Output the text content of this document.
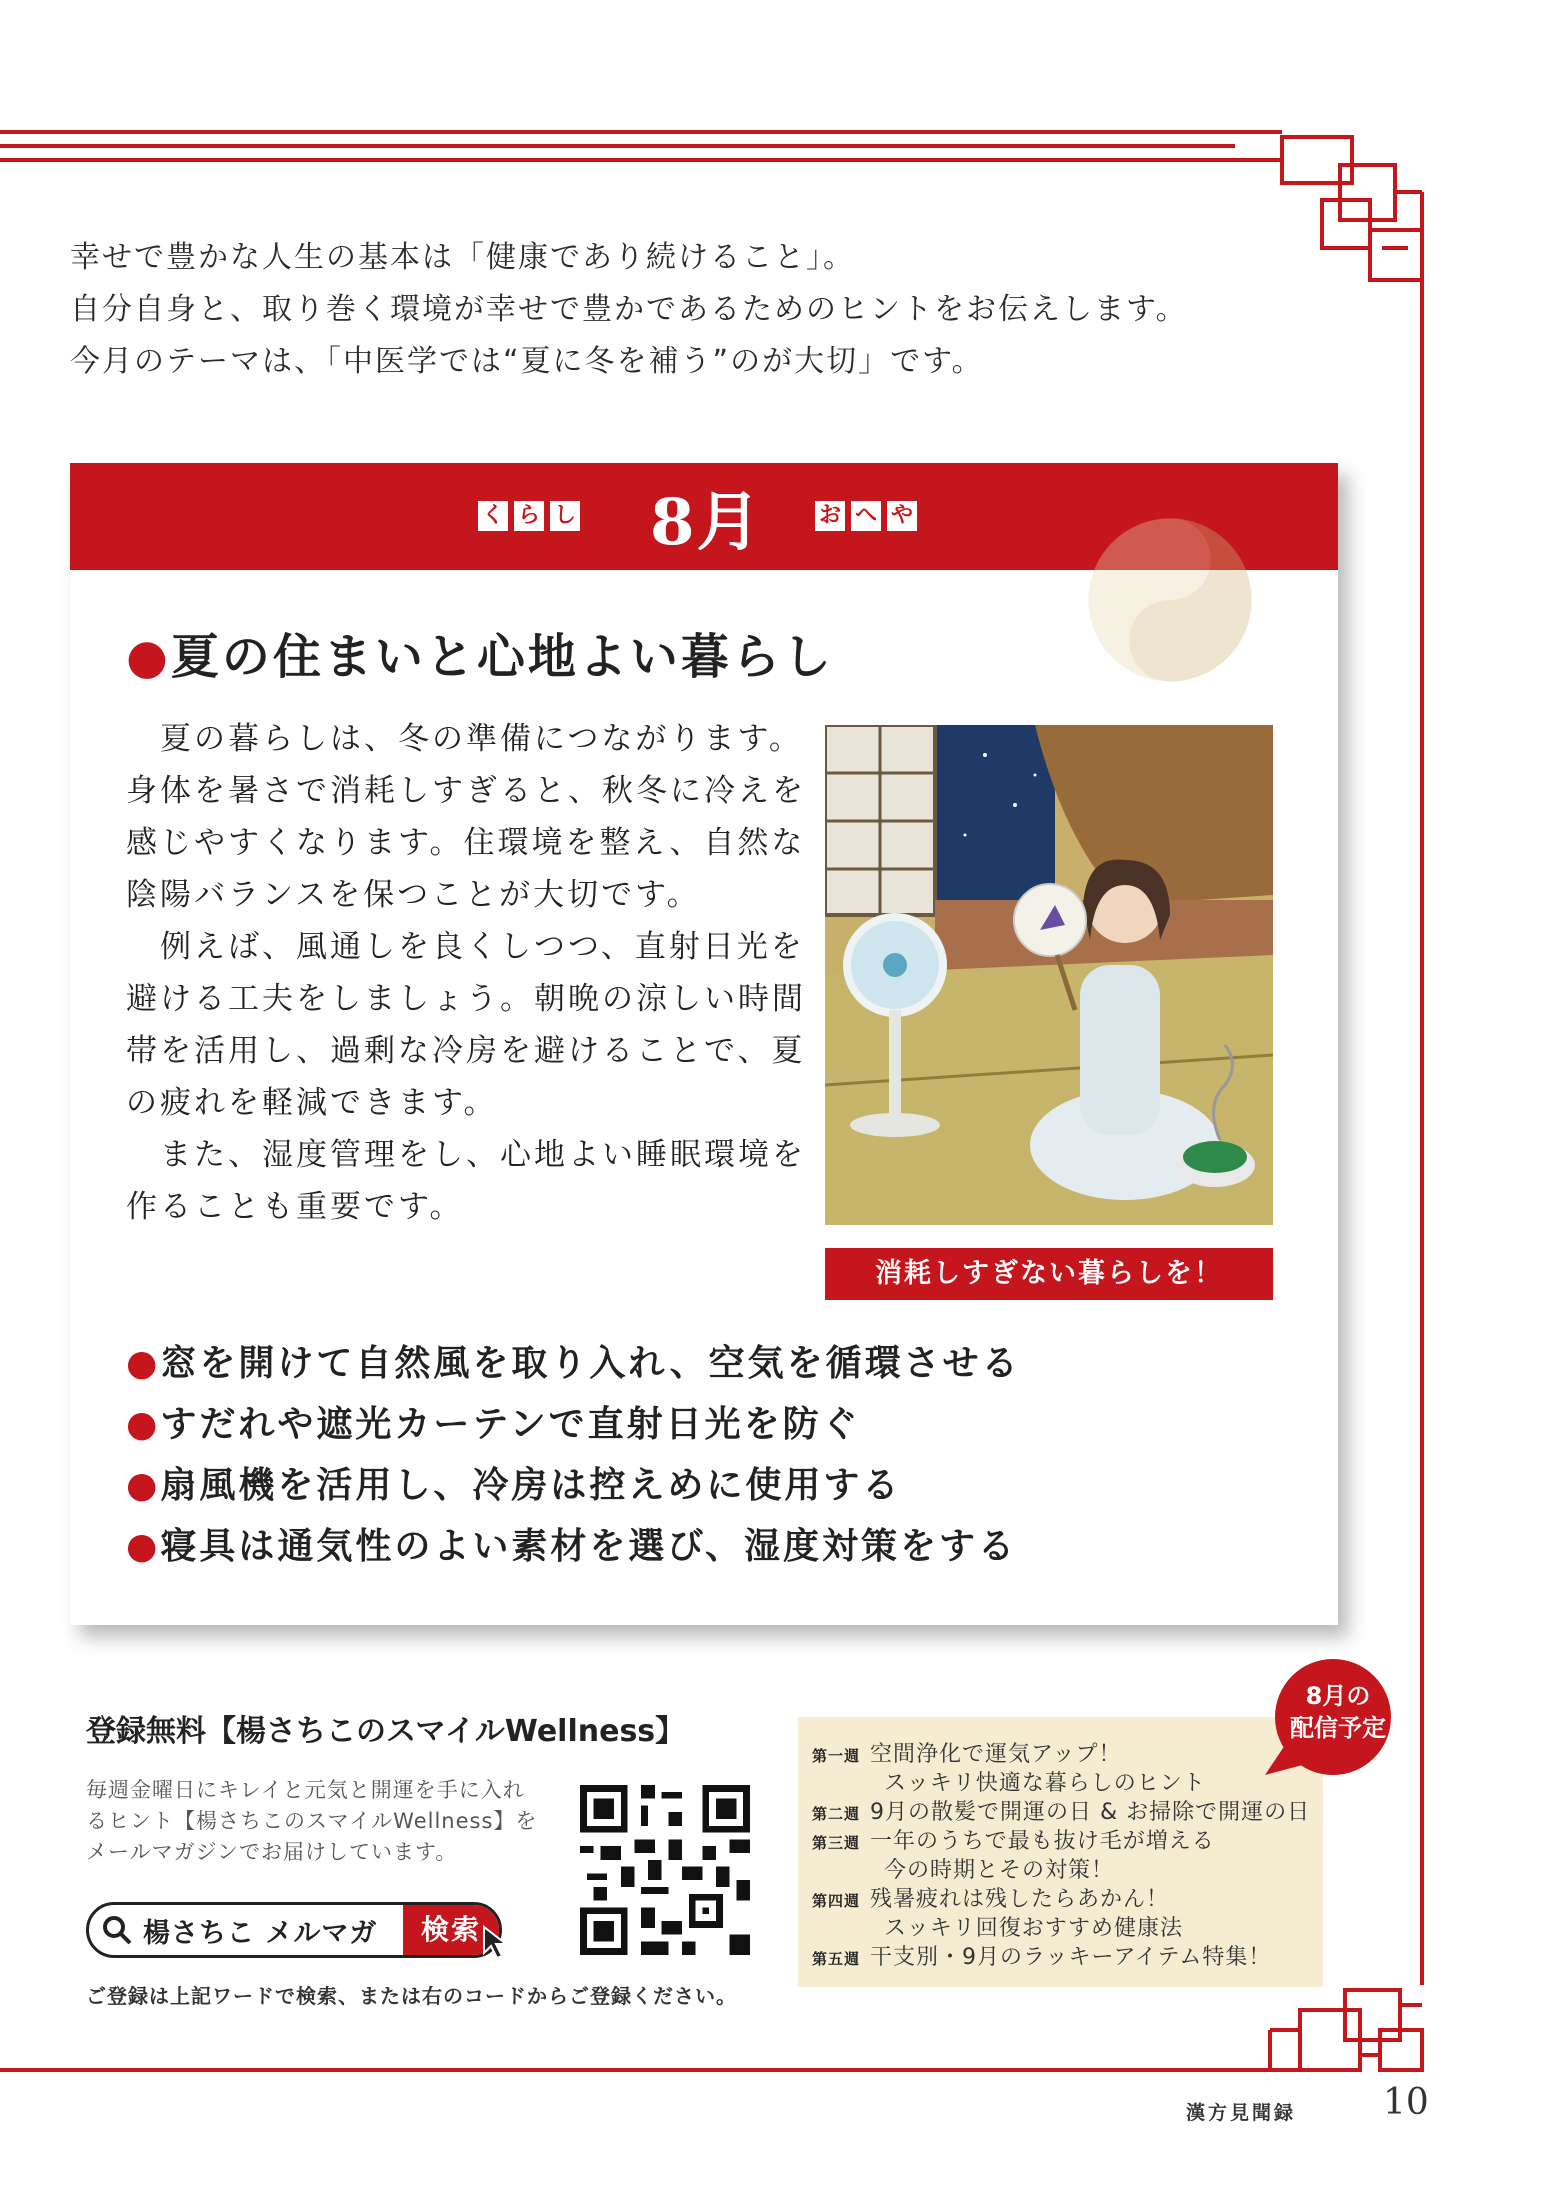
幸せで豊かな人生の基本は「健康であり続けること」。
自分自身と、取り巻く環境が幸せで豊かであるためのヒントをお伝えします。
今月のテーマは、「中医学では“夏に冬を補う”のが大切」です。
く ら し 8月	お へ や
●夏の住まいと心地よい暮らし

　夏の暮らしは、冬の準備につながります。身体を暑さで消耗しすぎると、秋冬に冷えを感じやすくなります。住環境を整え、自然な陰陽バランスを保つことが大切です。

　例えば、風通しを良くしつつ、直射日光を避ける工夫をしましょう。朝晩の涼しい時間帯を活用し、過剰な冷房を避けることで、夏の疲れを軽減できます。

　また、湿度管理をし、心地よい睡眠環境を作ることも重要です。

消耗しすぎない暮らしを！
●窓を開けて自然風を取り入れ、空気を循環させる
●すだれや遮光カーテンで直射日光を防ぐ
●扇風機を活用し、冷房は控えめに使用する
●寝具は通気性のよい素材を選び、湿度対策をする
登録無料【楊さちこのスマイルWellness】
毎週金曜日にキレイと元気と開運を手に入れるヒント【楊さちこのスマイルWellness】をメールマガジンでお届けしています。
楊さちこ メルマガ	検索
ご登録は上記ワードで検索、または右のコードからご登録ください。
第一週 空間浄化で運気アップ！
スッキリ快適な暮らしのヒント
第二週 9月の散髪で開運の日 & お掃除で開運の日
第三週 一年のうちで最も抜け毛が増える
今の時期とその対策！
第四週 残暑疲れは残したらあかん！
スッキリ回復おすすめ健康法
第五週 干支別・9月のラッキーアイテム特集！
8月の
配信予定
漢方見聞録 10
